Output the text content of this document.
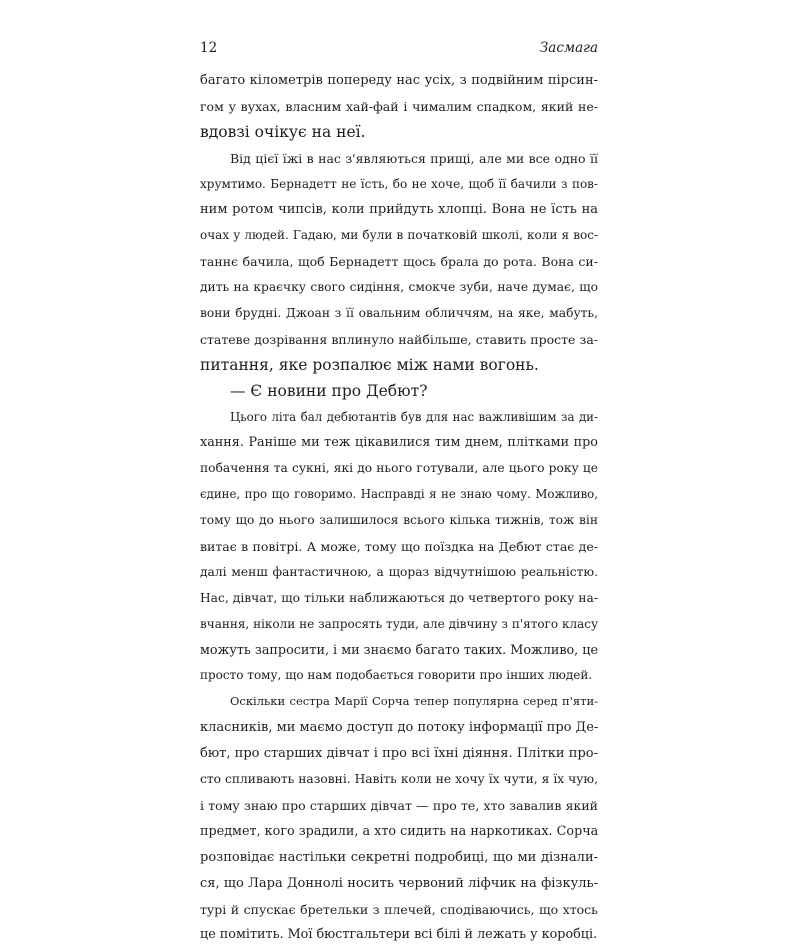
12	Засмага
багато кілометрів попереду нас усіх, з подвійним пірсин-
гом у вухах, власним хай-фай і чималим спадком, який не-
вдовзі очікує на неї.
Від цієї їжі в нас з'являються прищі, але ми все одно її
хрумтимо. Бернадетт не їсть, бо не хоче, щоб її бачили з пов-
ним ротом чипсів, коли прийдуть хлопці. Вона не їсть на
очах у людей. Гадаю, ми були в початковій школі, коли я вос-
таннє бачила, щоб Бернадетт щось брала до рота. Вона си-
дить на краєчку свого сидіння, смокче зуби, наче думає, що
вони брудні. Джоан з її овальним обличчям, на яке, мабуть,
статеве дозрівання вплинуло найбільше, ставить просте за-
питання, яке розпалює між нами вогонь.
— Є новини про Дебют?
Цього літа бал дебютантів був для нас важливішим за ди-
хання. Раніше ми теж цікавилися тим днем, плітками про
побачення та сукні, які до нього готували, але цього року це
єдине, про що говоримо. Насправді я не знаю чому. Можливо,
тому що до нього залишилося всього кілька тижнів, тож він
витає в повітрі. А може, тому що поїздка на Дебют стає де-
далі менш фантастичною, а щораз відчутнішою реальністю.
Нас, дівчат, що тільки наближаються до четвертого року на-
вчання, ніколи не запросять туди, але дівчину з п'ятого класу
можуть запросити, і ми знаємо багато таких. Можливо, це
просто тому, що нам подобається говорити про інших людей.
Оскільки сестра Марії Сорча тепер популярна серед п'яти-
класників, ми маємо доступ до потоку інформації про Де-
бют, про старших дівчат і про всі їхні діяння. Плітки про-
сто спливають назовні. Навіть коли не хочу їх чути, я їх чую,
і тому знаю про старших дівчат — про те, хто завалив який
предмет, кого зрадили, а хто сидить на наркотиках. Сорча
розповідає настільки секретні подробиці, що ми дізнали-
ся, що Лара Доннолі носить червоний ліфчик на фізкуль-
турі й спускає бретельки з плечей, сподіваючись, що хтось
це помітить. Мої бюстгальтери всі білі й лежать у коробці.
